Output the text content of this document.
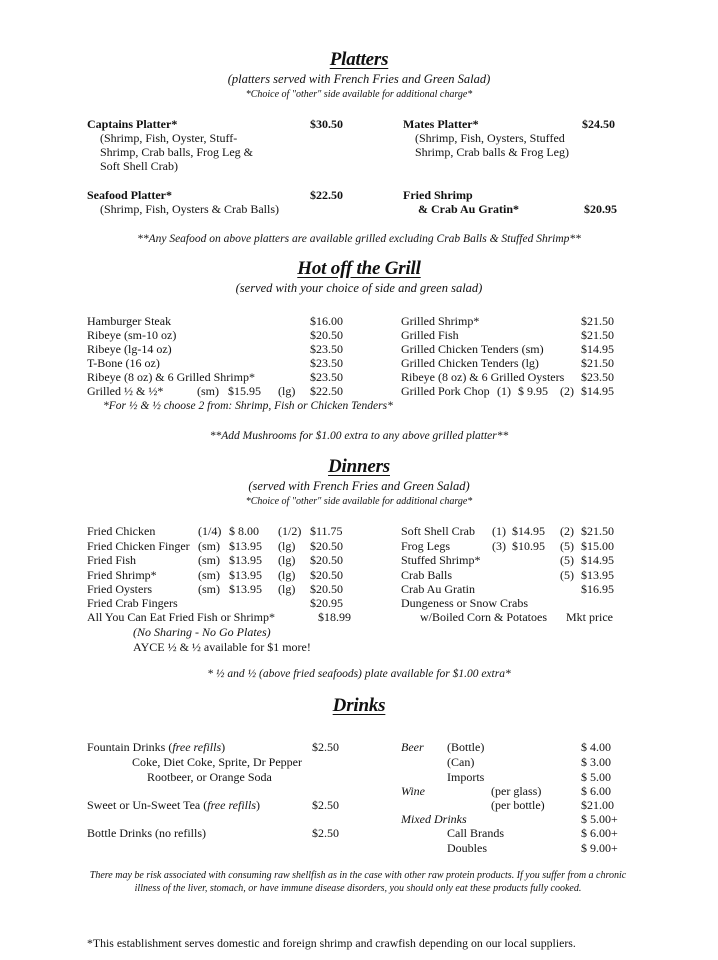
Platters
(platters served with French Fries and Green Salad)
*Choice of "other" side available for additional charge*
Captains Platter*	$30.50
(Shrimp, Fish, Oyster, Stuff-
Shrimp, Crab balls, Frog Leg &
Soft Shell Crab)
Mates Platter*	$24.50
(Shrimp, Fish, Oysters, Stuffed
Shrimp, Crab balls & Frog Leg)
Seafood Platter*	$22.50
(Shrimp, Fish, Oysters & Crab Balls)
Fried Shrimp
& Crab Au Gratin*	$20.95
**Any Seafood on above platters are available grilled excluding Crab Balls & Stuffed Shrimp**
Hot off the Grill
(served with your choice of side and green salad)
Hamburger Steak	$16.00
Ribeye (sm-10 oz)	$20.50
Ribeye (lg-14 oz)	$23.50
T-Bone (16 oz)	$23.50
Ribeye (8 oz) & 6 Grilled Shrimp*	$23.50
Grilled Shrimp*	$21.50
Grilled Fish	$21.50
Grilled Chicken Tenders (sm)	$14.95
Grilled Chicken Tenders (lg)	$21.50
Ribeye (8 oz) & 6 Grilled Oysters $23.50
Grilled ½ & ½*	(sm) $15.95 (lg) $22.50	Grilled Pork Chop (1) $ 9.95 (2) $14.95
*For ½ & ½ choose 2 from: Shrimp, Fish or Chicken Tenders*
**Add Mushrooms for $1.00 extra to any above grilled platter**
Dinners
(served with French Fries and Green Salad)
*Choice of "other" side available for additional charge*
Fried Chicken	(1/4) $ 8.00 (1/2) $11.75
Fried Chicken Finger (sm) $13.95 (lg) $20.50
Fried Fish	(sm) $13.95 (lg) $20.50
Fried Shrimp*	(sm) $13.95 (lg) $20.50
Fried Oysters	(sm) $13.95 (lg) $20.50
Soft Shell Crab (1) $14.95 (2) $21.50
Frog Legs	(3) $10.95 (5) $15.00
Stuffed Shrimp*	(5) $14.95
Crab Balls	(5) $13.95
Crab Au Gratin	$16.95
Fried Crab Fingers	$20.95
All You Can Eat Fried Fish or Shrimp*	$18.99
(No Sharing - No Go Plates)
AYCE ½ & ½ available for $1 more!
Dungeness or Snow Crabs
w/Boiled Corn & Potatoes Mkt price
* ½ and ½ (above fried seafoods) plate available for $1.00 extra*
Drinks
Fountain Drinks (free refills)	$2.50
Coke, Diet Coke, Sprite, Dr Pepper
Rootbeer, or Orange Soda
Sweet or Un-Sweet Tea (free refills)	$2.50
Bottle Drinks (no refills)	$2.50
Beer (Bottle)	$ 4.00
(Can)	$ 3.00
Imports	$ 5.00
Wine	(per glass)	$ 6.00
(per bottle)	$21.00
Mixed Drinks	$ 5.00+
Call Brands	$ 6.00+
Doubles	$ 9.00+
There may be risk associated with consuming raw shellfish as in the case with other raw protein products. If you suffer from a chronic illness of the liver, stomach, or have immune disease disorders, you should only eat these products fully cooked.
*This establishment serves domestic and foreign shrimp and crawfish depending on our local suppliers.
